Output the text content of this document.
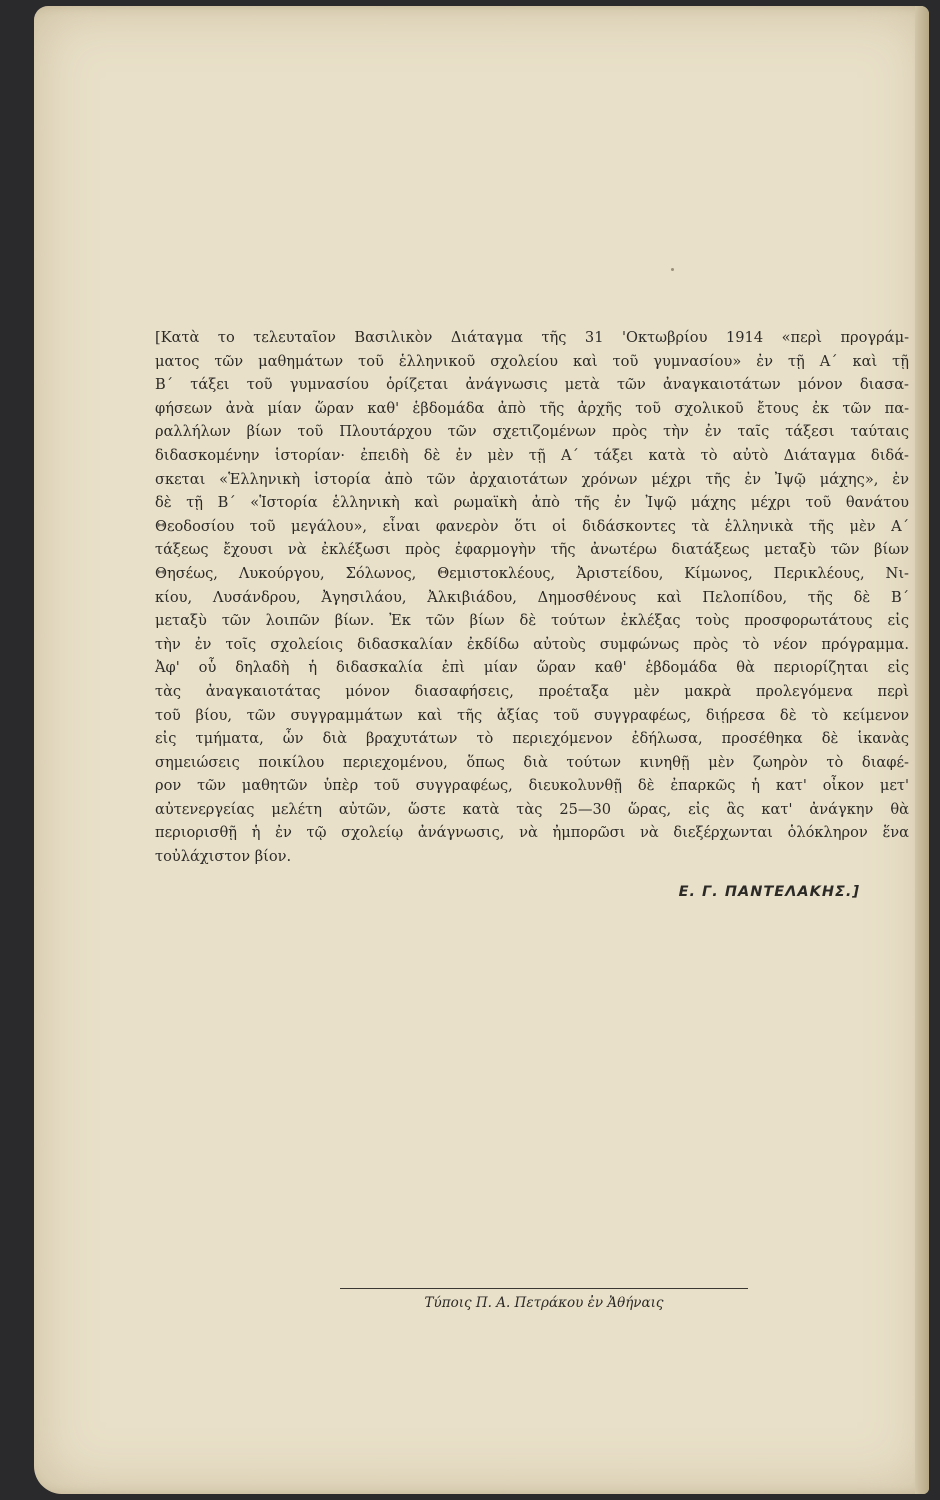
[Κατὰ το τελευταῖον Βασιλικὸν Διάταγμα τῆς 31 'Οκτωβρίου 1914 «περὶ προγράμ-
ματος τῶν μαθημάτων τοῦ ἑλληνικοῦ σχολείου καὶ τοῦ γυμνασίου» ἐν τῇ Α΄ καὶ τῇ
Β΄ τάξει τοῦ γυμνασίου ὁρίζεται ἀνάγνωσις μετὰ τῶν ἀναγκαιοτάτων μόνον διασα-
φήσεων ἀνὰ μίαν ὥραν καθ' ἑβδομάδα ἀπὸ τῆς ἀρχῆς τοῦ σχολικοῦ ἔτους ἐκ τῶν πα-
ραλλήλων βίων τοῦ Πλουτάρχου τῶν σχετιζομένων πρὸς τὴν ἐν ταῖς τάξεσι ταύταις
διδασκομένην ἱστορίαν· ἐπειδὴ δὲ ἐν μὲν τῇ Α΄ τάξει κατὰ τὸ αὐτὸ Διάταγμα διδά-
σκεται «Ἑλληνικὴ ἱστορία ἀπὸ τῶν ἀρχαιοτάτων χρόνων μέχρι τῆς ἐν Ἰψῷ μάχης», ἐν
δὲ τῇ Β΄ «Ἱστορία ἑλληνικὴ καὶ ρωμαϊκὴ ἀπὸ τῆς ἐν Ἰψῷ μάχης μέχρι τοῦ θανάτου
Θεοδοσίου τοῦ μεγάλου», εἶναι φανερὸν ὅτι οἱ διδάσκοντες τὰ ἑλληνικὰ τῆς μὲν Α΄
τάξεως ἔχουσι νὰ ἐκλέξωσι πρὸς ἐφαρμογὴν τῆς ἀνωτέρω διατάξεως μεταξὺ τῶν βίων
Θησέως, Λυκούργου, Σόλωνος, Θεμιστοκλέους, Ἀριστείδου, Κίμωνος, Περικλέους, Νι-
κίου, Λυσάνδρου, Ἀγησιλάου, Ἀλκιβιάδου, Δημοσθένους καὶ Πελοπίδου, τῆς δὲ Β΄
μεταξὺ τῶν λοιπῶν βίων. Ἐκ τῶν βίων δὲ τούτων ἐκλέξας τοὺς προσφορωτάτους εἰς
τὴν ἐν τοῖς σχολείοις διδασκαλίαν ἐκδίδω αὐτοὺς συμφώνως πρὸς τὸ νέον πρόγραμμα.
Ἀφ' οὗ δηλαδὴ ἡ διδασκαλία ἐπὶ μίαν ὥραν καθ' ἑβδομάδα θὰ περιορίζηται εἰς
τὰς ἀναγκαιοτάτας μόνον διασαφήσεις, προέταξα μὲν μακρὰ προλεγόμενα περὶ
τοῦ βίου, τῶν συγγραμμάτων καὶ τῆς ἀξίας τοῦ συγγραφέως, διῄρεσα δὲ τὸ κείμενον
εἰς τμήματα, ὧν διὰ βραχυτάτων τὸ περιεχόμενον ἐδήλωσα, προσέθηκα δὲ ἱκανὰς
σημειώσεις ποικίλου περιεχομένου, ὅπως διὰ τούτων κινηθῇ μὲν ζωηρὸν τὸ διαφέ-
ρον τῶν μαθητῶν ὑπὲρ τοῦ συγγραφέως, διευκολυνθῇ δὲ ἐπαρκῶς ἡ κατ' οἶκον μετ'
αὐτενεργείας μελέτη αὐτῶν, ὥστε κατὰ τὰς 25—30 ὥρας, εἰς ἃς κατ' ἀνάγκην θὰ
περιορισθῇ ἡ ἐν τῷ σχολείῳ ἀνάγνωσις, νὰ ἠμπορῶσι νὰ διεξέρχωνται ὁλόκληρον ἕνα
τοὐλάχιστον βίον.
Ε. Γ. ΠΑΝΤΕΛΑΚΗΣ.]
Τύποις Π. Α. Πετράκου ἐν Ἀθήναις
